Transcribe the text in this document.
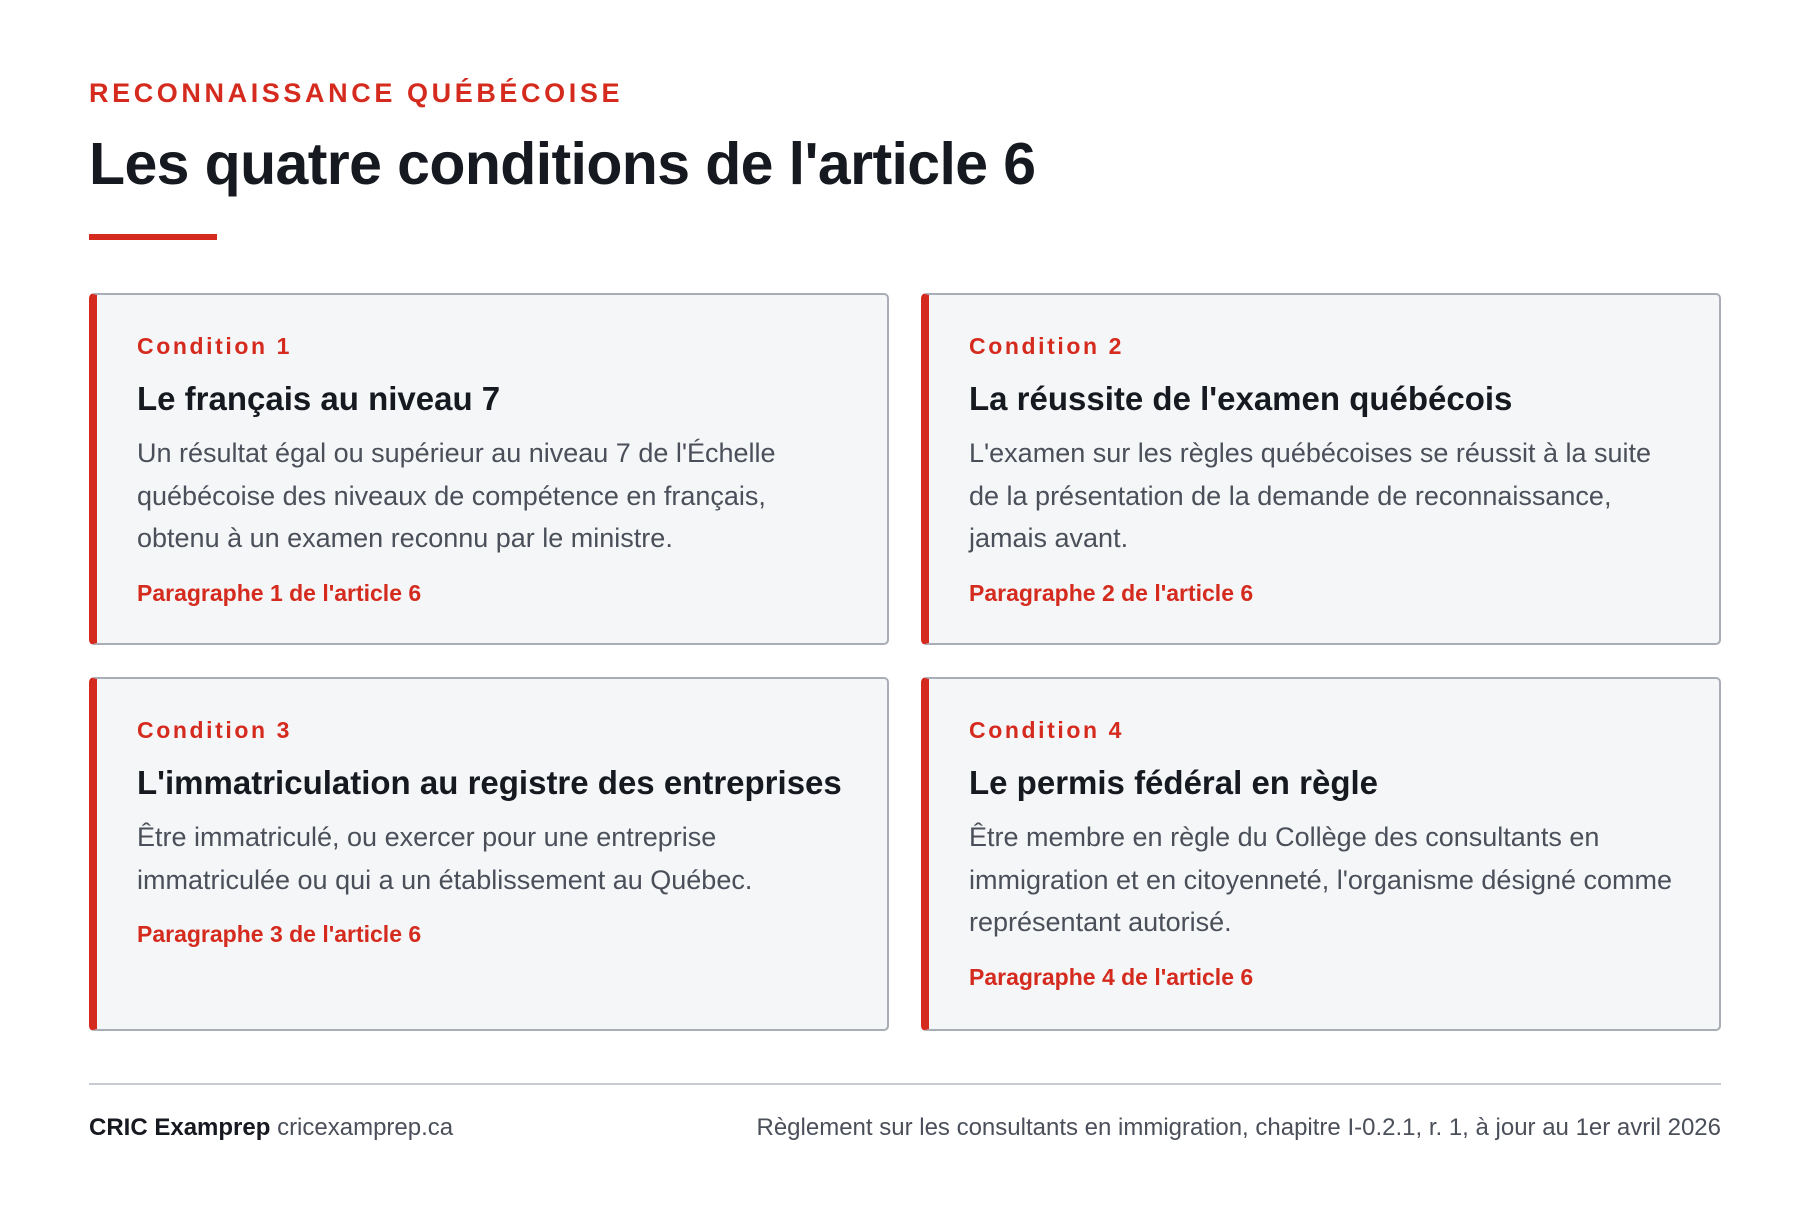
RECONNAISSANCE QUÉBÉCOISE
Les quatre conditions de l'article 6
Condition 1
Le français au niveau 7
Un résultat égal ou supérieur au niveau 7 de l'Échelle québécoise des niveaux de compétence en français, obtenu à un examen reconnu par le ministre.
Paragraphe 1 de l'article 6
Condition 2
La réussite de l'examen québécois
L'examen sur les règles québécoises se réussit à la suite de la présentation de la demande de reconnaissance, jamais avant.
Paragraphe 2 de l'article 6
Condition 3
L'immatriculation au registre des entreprises
Être immatriculé, ou exercer pour une entreprise immatriculée ou qui a un établissement au Québec.
Paragraphe 3 de l'article 6
Condition 4
Le permis fédéral en règle
Être membre en règle du Collège des consultants en immigration et en citoyenneté, l'organisme désigné comme représentant autorisé.
Paragraphe 4 de l'article 6
CRIC Examprep cricexamprep.ca	Règlement sur les consultants en immigration, chapitre I-0.2.1, r. 1, à jour au 1er avril 2026
